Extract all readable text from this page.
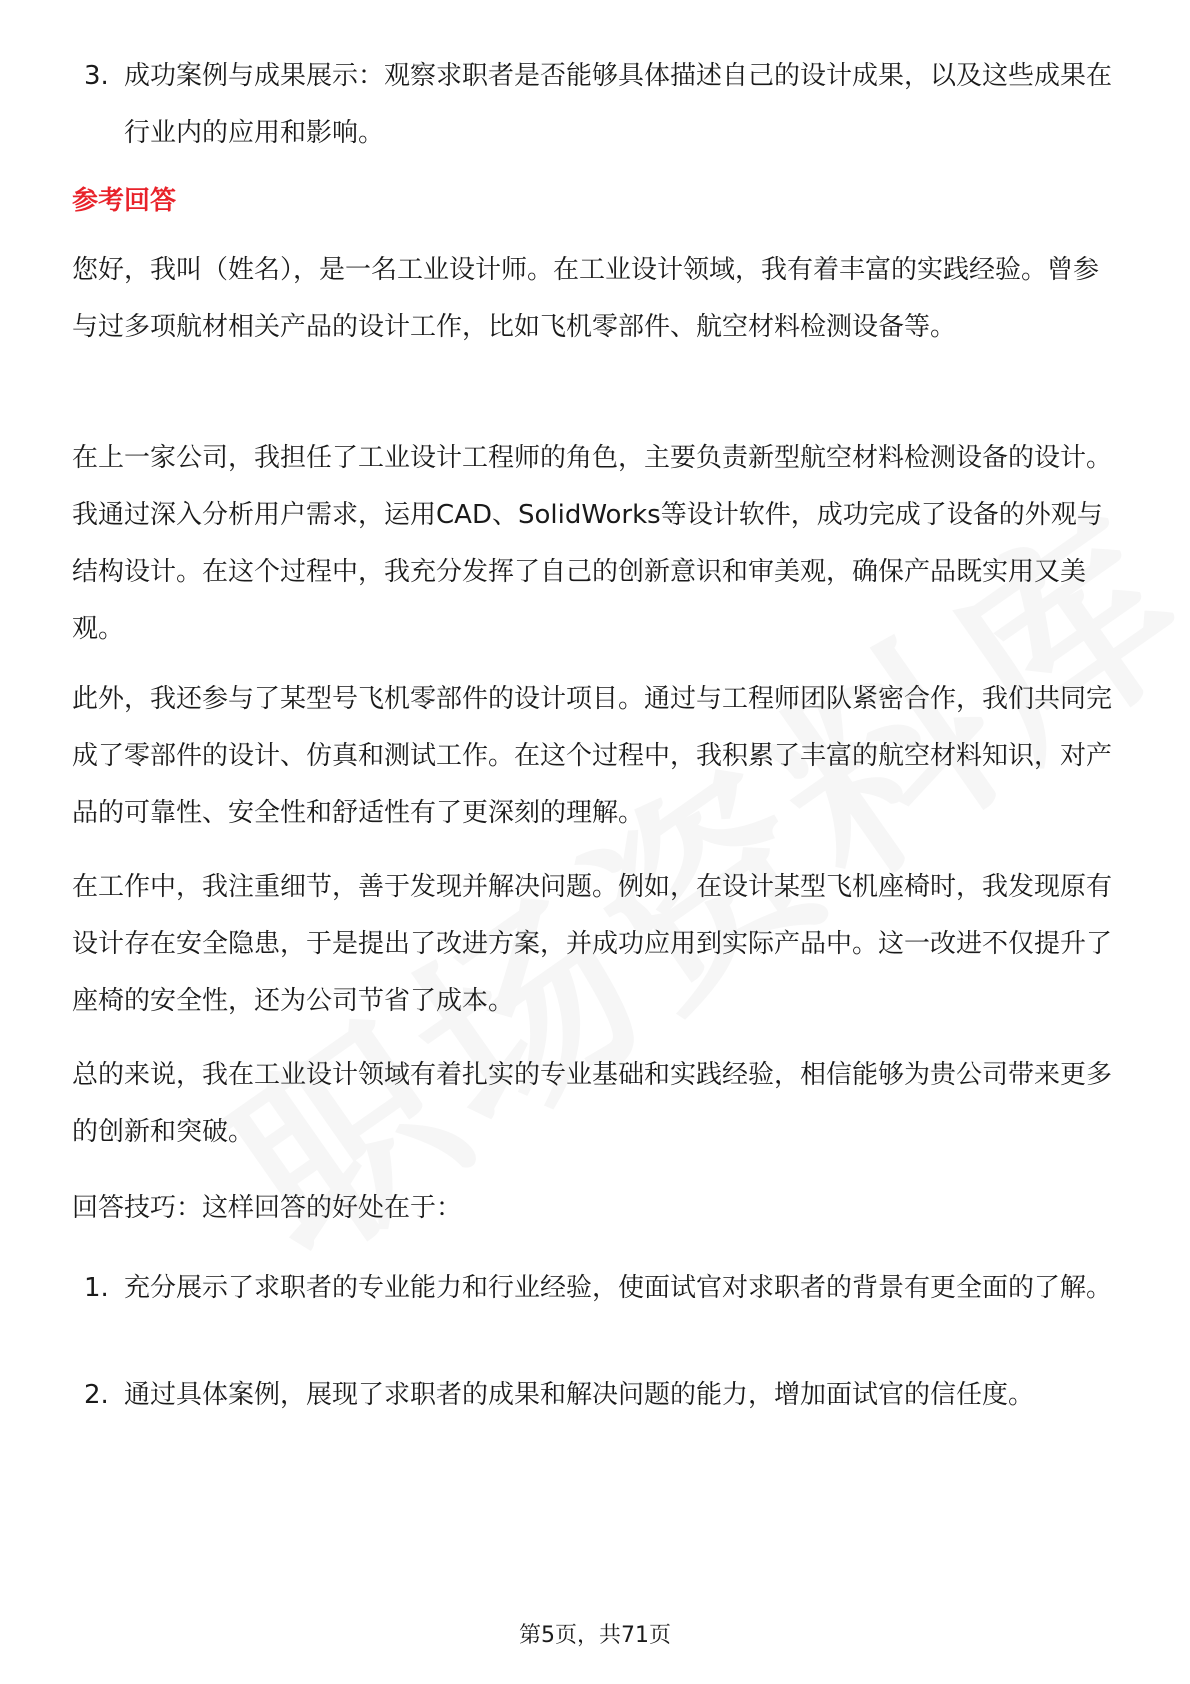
3. 成功案例与成果展示：观察求职者是否能够具体描述自己的设计成果，以及这些成果在行业内的应用和影响。
参考回答
您好，我叫（姓名），是一名工业设计师。在工业设计领域，我有着丰富的实践经验。曾参与过多项航材相关产品的设计工作，比如飞机零部件、航空材料检测设备等。
在上一家公司，我担任了工业设计工程师的角色，主要负责新型航空材料检测设备的设计。我通过深入分析用户需求，运用CAD、SolidWorks等设计软件，成功完成了设备的外观与结构设计。在这个过程中，我充分发挥了自己的创新意识和审美观，确保产品既实用又美观。
此外，我还参与了某型号飞机零部件的设计项目。通过与工程师团队紧密合作，我们共同完成了零部件的设计、仿真和测试工作。在这个过程中，我积累了丰富的航空材料知识，对产品的可靠性、安全性和舒适性有了更深刻的理解。
在工作中，我注重细节，善于发现并解决问题。例如，在设计某型飞机座椅时，我发现原有设计存在安全隐患，于是提出了改进方案，并成功应用到实际产品中。这一改进不仅提升了座椅的安全性，还为公司节省了成本。
总的来说，我在工业设计领域有着扎实的专业基础和实践经验，相信能够为贵公司带来更多的创新和突破。
回答技巧：这样回答的好处在于：
1. 充分展示了求职者的专业能力和行业经验，使面试官对求职者的背景有更全面的了解。
2. 通过具体案例，展现了求职者的成果和解决问题的能力，增加面试官的信任度。
第5页，共71页
